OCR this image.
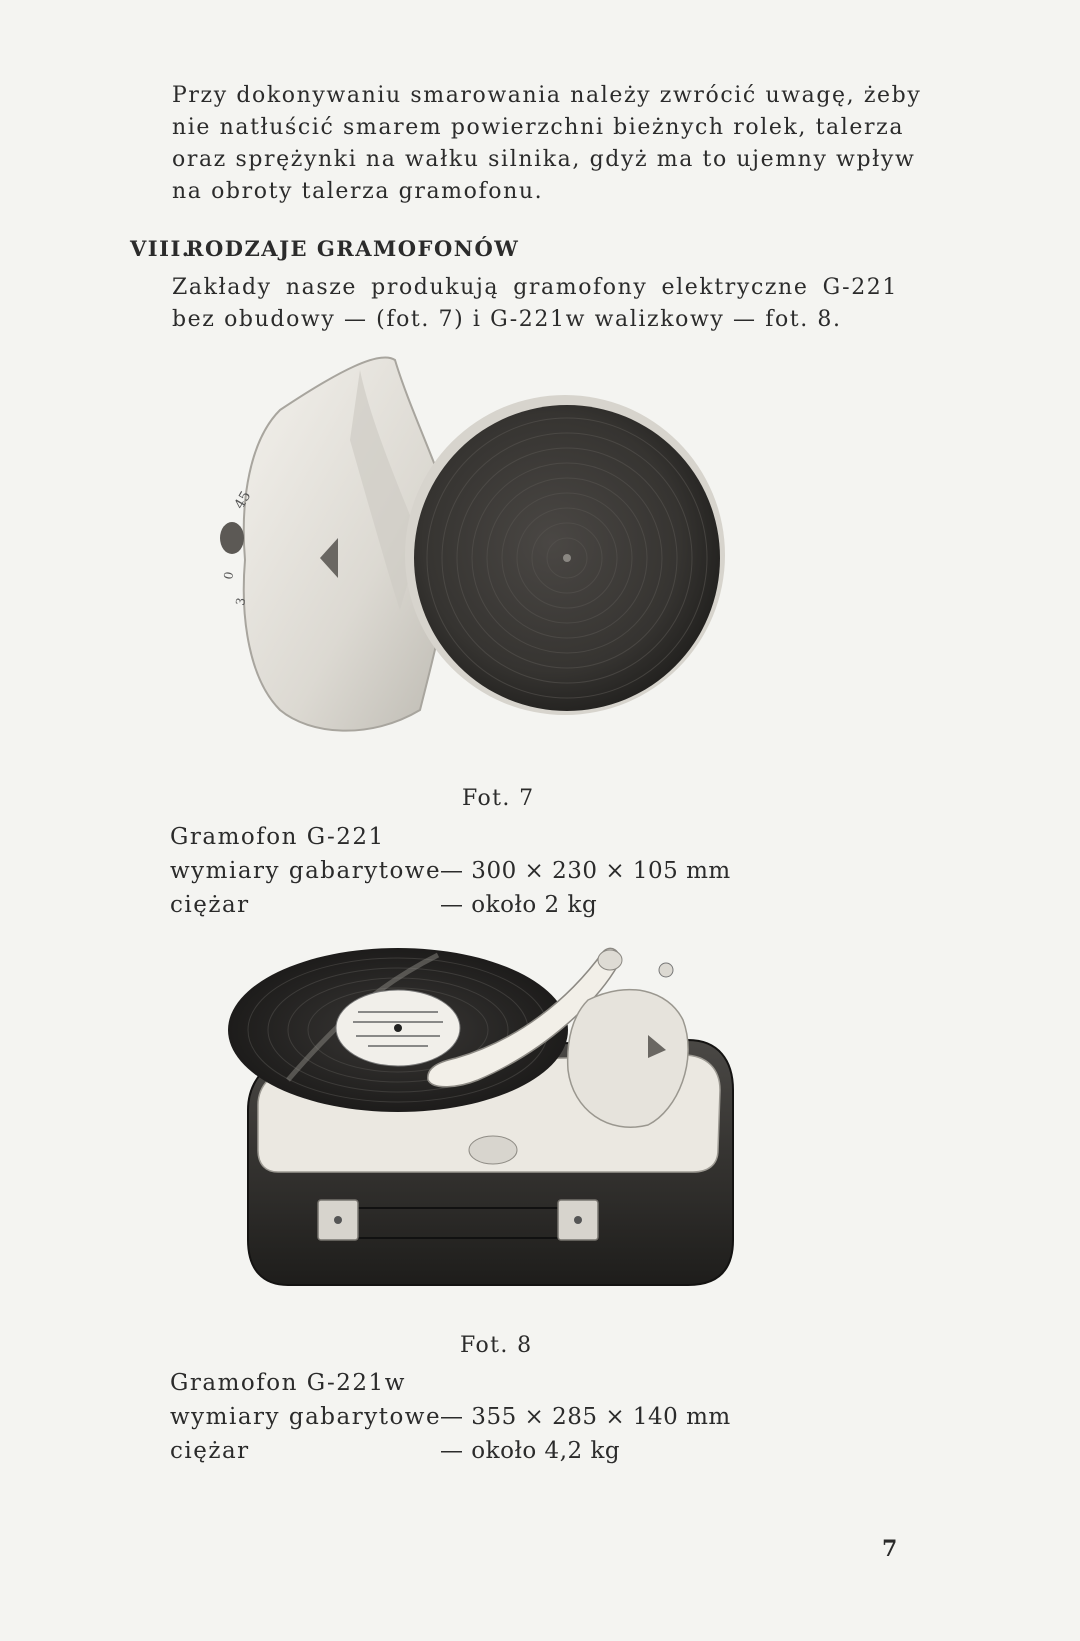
Przy dokonywaniu smarowania należy zwrócić uwagę, żeby
nie natłuścić smarem powierzchni bieżnych rolek, talerza
oraz sprężynki na wałku silnika, gdyż ma to ujemny wpływ
na obroty talerza gramofonu.
VIII.RODZAJE GRAMOFONÓW
Zakłady nasze produkują gramofony elektryczne G-221
bez obudowy — (fot. 7) i G-221w walizkowy — fot. 8.
45
0
3
Fot. 7
Gramofon G-221
wymiary gabarytowe
— 300 × 230 × 105 mm
ciężar	— około 2 kg
Fot. 8
Gramofon G-221w
wymiary gabarytowe
— 355 × 285 × 140 mm
ciężar	— około 4,2 kg
7
